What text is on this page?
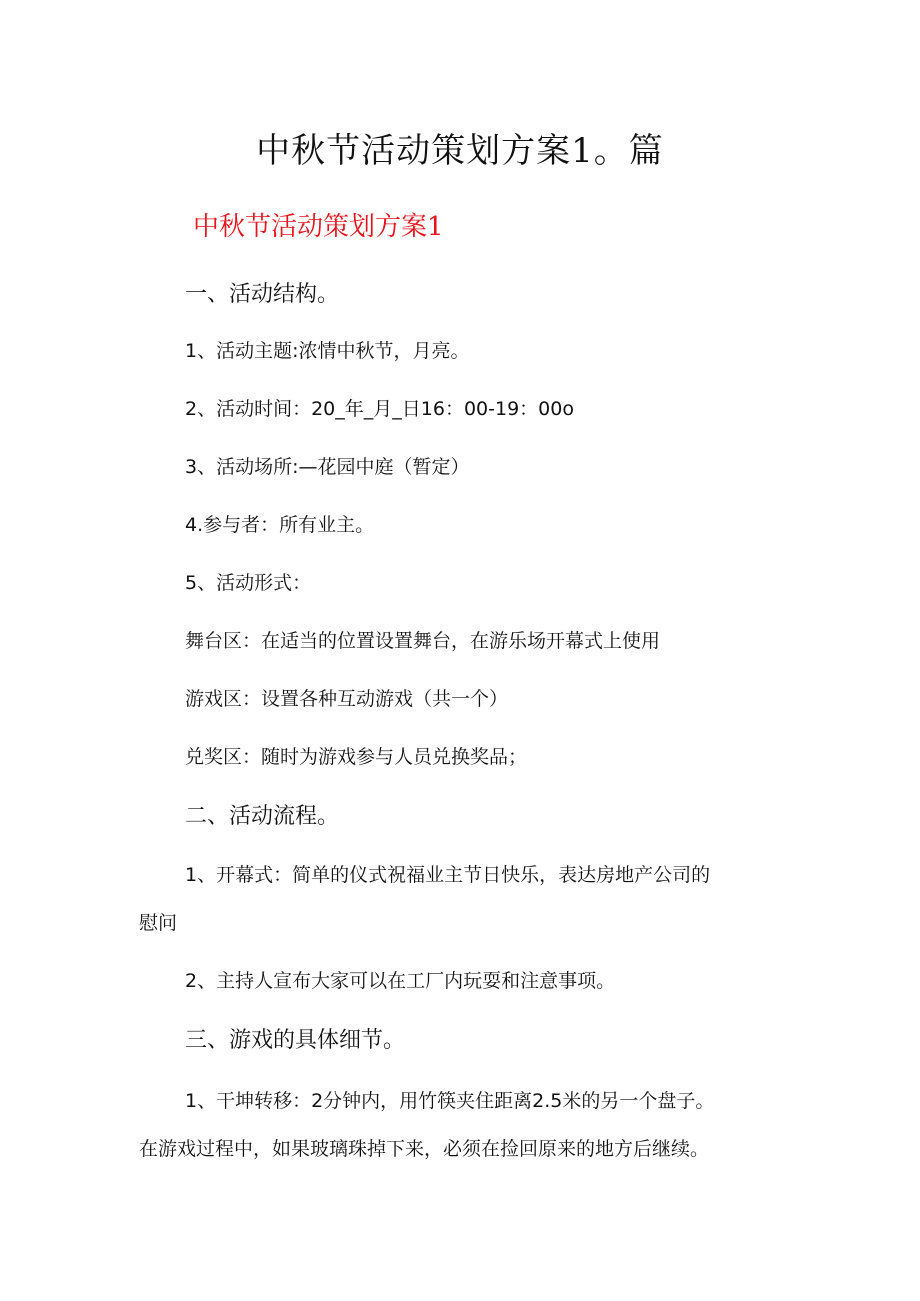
中秋节活动策划方案1。篇
中秋节活动策划方案1
一、活动结构。
1、活动主题:浓情中秋节，月亮。
2、活动时间：20_年_月_日16：00-19：00o
3、活动场所:—花园中庭（暂定）
4.参与者：所有业主。
5、活动形式：
舞台区：在适当的位置设置舞台，在游乐场开幕式上使用
游戏区：设置各种互动游戏（共一个）
兑奖区：随时为游戏参与人员兑换奖品；
二、活动流程。
1、开幕式：简单的仪式祝福业主节日快乐，表达房地产公司的
慰问
2、主持人宣布大家可以在工厂内玩耍和注意事项。
三、游戏的具体细节。
1、干坤转移：2分钟内，用竹筷夹住距离2.5米的另一个盘子。
在游戏过程中，如果玻璃珠掉下来，必须在捡回原来的地方后继续。
